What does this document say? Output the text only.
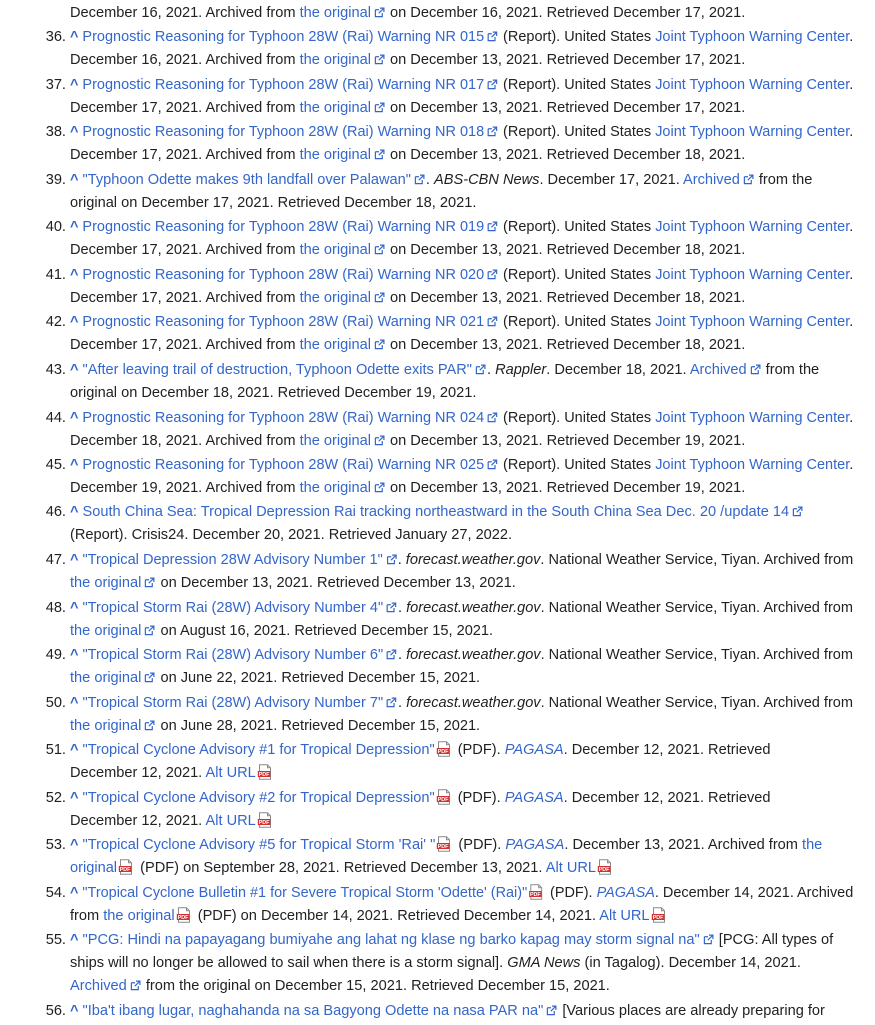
December 16, 2021. Archived from the original
on December 16, 2021. Retrieved December 17, 2021.
36. ^ Prognostic Reasoning for Typhoon 28W (Rai) Warning NR 015
(Report). United States Joint Typhoon Warning Center.
December 16, 2021. Archived from the original
on December 13, 2021. Retrieved December 17, 2021.
37. ^ Prognostic Reasoning for Typhoon 28W (Rai) Warning NR 017
(Report). United States Joint Typhoon Warning Center.
December 17, 2021. Archived from the original
on December 13, 2021. Retrieved December 17, 2021.
38. ^ Prognostic Reasoning for Typhoon 28W (Rai) Warning NR 018
(Report). United States Joint Typhoon Warning Center.
December 17, 2021. Archived from the original
on December 13, 2021. Retrieved December 18, 2021.
39. ^ "Typhoon Odette makes 9th landfall over Palawan" . ABS-CBN News. December 17, 2021. Archived
from the
original on December 17, 2021. Retrieved December 18, 2021.
40. ^ Prognostic Reasoning for Typhoon 28W (Rai) Warning NR 019
(Report). United States Joint Typhoon Warning Center.
December 17, 2021. Archived from the original
on December 13, 2021. Retrieved December 18, 2021.
41. ^ Prognostic Reasoning for Typhoon 28W (Rai) Warning NR 020
(Report). United States Joint Typhoon Warning Center.
December 17, 2021. Archived from the original
on December 13, 2021. Retrieved December 18, 2021.
42. ^ Prognostic Reasoning for Typhoon 28W (Rai) Warning NR 021
(Report). United States Joint Typhoon Warning Center.
December 17, 2021. Archived from the original
on December 13, 2021. Retrieved December 18, 2021.
43. ^ "After leaving trail of destruction, Typhoon Odette exits PAR" . Rappler. December 18, 2021. Archived
from the
original on December 18, 2021. Retrieved December 19, 2021.
44. ^ Prognostic Reasoning for Typhoon 28W (Rai) Warning NR 024
(Report). United States Joint Typhoon Warning Center.
December 18, 2021. Archived from the original
on December 13, 2021. Retrieved December 19, 2021.
45. ^ Prognostic Reasoning for Typhoon 28W (Rai) Warning NR 025
(Report). United States Joint Typhoon Warning Center.
December 19, 2021. Archived from the original
on December 13, 2021. Retrieved December 19, 2021.
46. ^ South China Sea: Tropical Depression Rai tracking northeastward in the South China Sea Dec. 20 /update 14
(Report). Crisis24. December 20, 2021. Retrieved January 27, 2022.
47. ^ "Tropical Depression 28W Advisory Number 1" . forecast.weather.gov. National Weather Service, Tiyan. Archived from
the original
on December 13, 2021. Retrieved December 13, 2021.
48. ^ "Tropical Storm Rai (28W) Advisory Number 4" . forecast.weather.gov. National Weather Service, Tiyan. Archived from
the original
on August 16, 2021. Retrieved December 15, 2021.
49. ^ "Tropical Storm Rai (28W) Advisory Number 6" . forecast.weather.gov. National Weather Service, Tiyan. Archived from
the original
on June 22, 2021. Retrieved December 15, 2021.
50. ^ "Tropical Storm Rai (28W) Advisory Number 7" . forecast.weather.gov. National Weather Service, Tiyan. Archived from
the original
on June 28, 2021. Retrieved December 15, 2021.
51. ^ "Tropical Cyclone Advisory #1 for Tropical Depression" PDF (PDF). PAGASA. December 12, 2021. Retrieved
December 12, 2021. Alt URL PDF
52. ^ "Tropical Cyclone Advisory #2 for Tropical Depression" PDF (PDF). PAGASA. December 12, 2021. Retrieved
December 12, 2021. Alt URL PDF
53. ^ "Tropical Cyclone Advisory #5 for Tropical Storm 'Rai' " PDF (PDF). PAGASA. December 13, 2021. Archived from the
original PDF (PDF) on September 28, 2021. Retrieved December 13, 2021. Alt URL PDF
54. ^ "Tropical Cyclone Bulletin #1 for Severe Tropical Storm 'Odette' (Rai)" PDF (PDF). PAGASA. December 14, 2021. Archived
from the original PDF (PDF) on December 14, 2021. Retrieved December 14, 2021. Alt URL PDF
55. ^ "PCG: Hindi na papayagang bumiyahe ang lahat ng klase ng barko kapag may storm signal na"
[PCG: All types of
ships will no longer be allowed to sail when there is a storm signal]. GMA News (in Tagalog). December 14, 2021.
Archived
from the original on December 15, 2021. Retrieved December 15, 2021.
56. ^ "Iba't ibang lugar, naghahanda na sa Bagyong Odette na nasa PAR na"
[Various places are already preparing for
